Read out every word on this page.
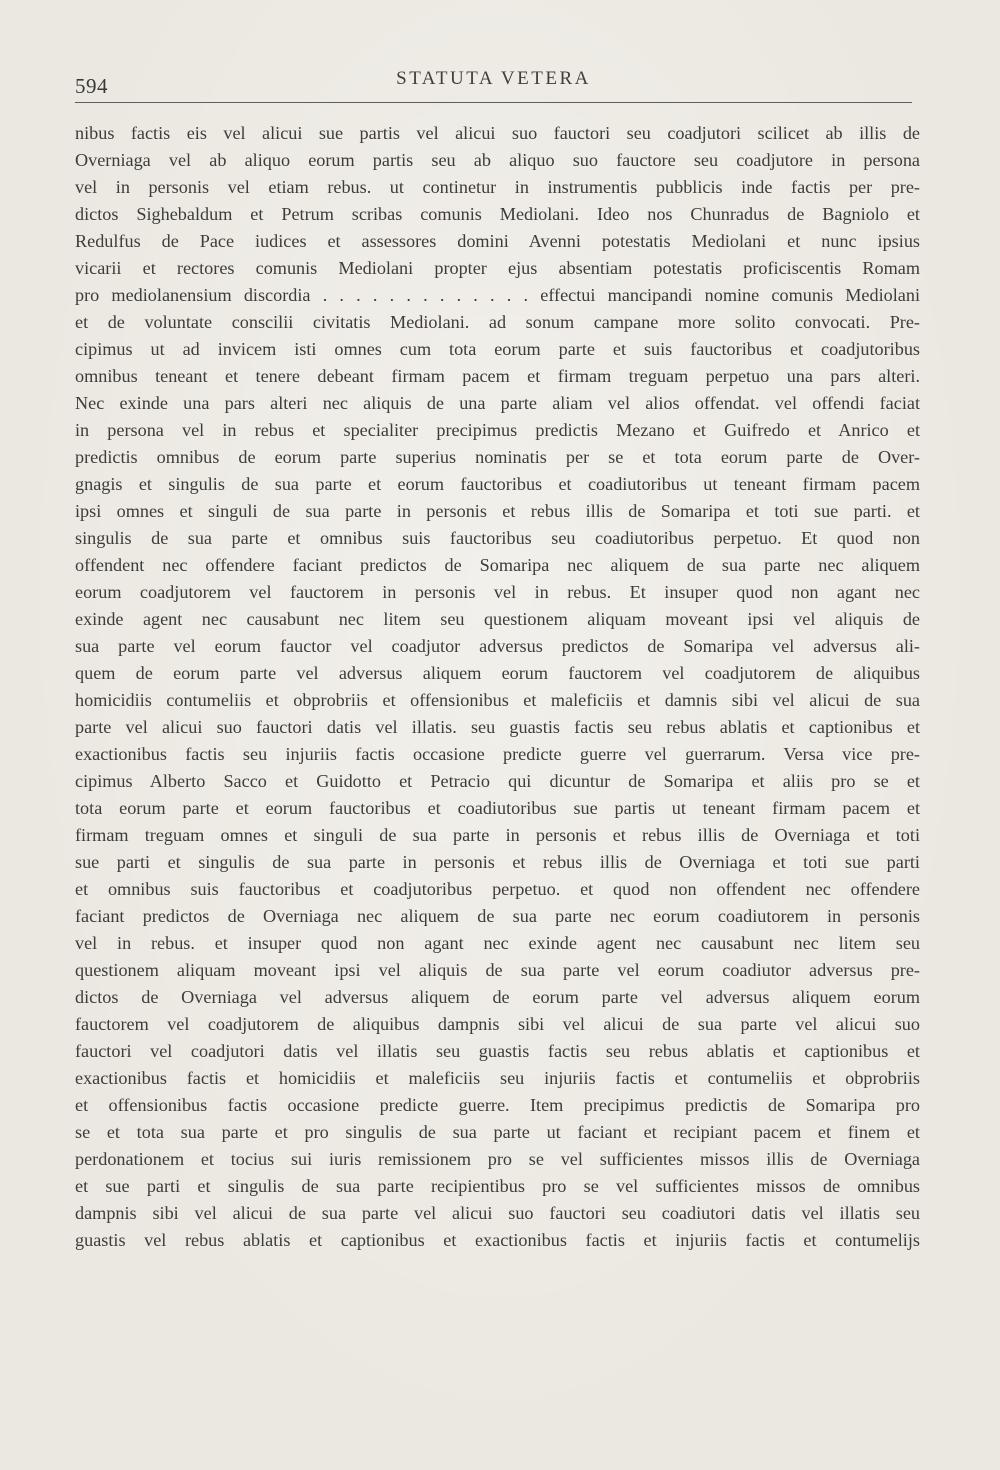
594	STATUTA VETERA
nibus factis eis vel alicui sue partis vel alicui suo fauctori seu coadjutori scilicet ab illis de
Overniaga vel ab aliquo eorum partis seu ab aliquo suo fauctore seu coadjutore in persona
vel in personis vel etiam rebus. ut continetur in instrumentis pubblicis inde factis per pre-
dictos Sighebaldum et Petrum scribas comunis Mediolani. Ideo nos Chunradus de Bagniolo et
Redulfus de Pace iudices et assessores domini Avenni potestatis Mediolani et nunc ipsius
vicarii et rectores comunis Mediolani propter ejus absentiam potestatis proficiscentis Romam
pro mediolanensium discordia . . . . . . . . . . . . . effectui mancipandi nomine comunis Mediolani
et de voluntate conscilii civitatis Mediolani. ad sonum campane more solito convocati. Pre-
cipimus ut ad invicem isti omnes cum tota eorum parte et suis fauctoribus et coadjutoribus
omnibus teneant et tenere debeant firmam pacem et firmam treguam perpetuo una pars alteri.
Nec exinde una pars alteri nec aliquis de una parte aliam vel alios offendat. vel offendi faciat
in persona vel in rebus et specialiter precipimus predictis Mezano et Guifredo et Anrico et
predictis omnibus de eorum parte superius nominatis per se et tota eorum parte de Over-
gnagis et singulis de sua parte et eorum fauctoribus et coadiutoribus ut teneant firmam pacem
ipsi omnes et singuli de sua parte in personis et rebus illis de Somaripa et toti sue parti. et
singulis de sua parte et omnibus suis fauctoribus seu coadiutoribus perpetuo. Et quod non
offendent nec offendere faciant predictos de Somaripa nec aliquem de sua parte nec aliquem
eorum coadjutorem vel fauctorem in personis vel in rebus. Et insuper quod non agant nec
exinde agent nec causabunt nec litem seu questionem aliquam moveant ipsi vel aliquis de
sua parte vel eorum fauctor vel coadjutor adversus predictos de Somaripa vel adversus ali-
quem de eorum parte vel adversus aliquem eorum fauctorem vel coadjutorem de aliquibus
homicidiis contumeliis et obprobriis et offensionibus et maleficiis et damnis sibi vel alicui de sua
parte vel alicui suo fauctori datis vel illatis. seu guastis factis seu rebus ablatis et captionibus et
exactionibus factis seu injuriis factis occasione predicte guerre vel guerrarum. Versa vice pre-
cipimus Alberto Sacco et Guidotto et Petracio qui dicuntur de Somaripa et aliis pro se et
tota eorum parte et eorum fauctoribus et coadiutoribus sue partis ut teneant firmam pacem et
firmam treguam omnes et singuli de sua parte in personis et rebus illis de Overniaga et toti
sue parti et singulis de sua parte in personis et rebus illis de Overniaga et toti sue parti
et omnibus suis fauctoribus et coadjutoribus perpetuo. et quod non offendent nec offendere
faciant predictos de Overniaga nec aliquem de sua parte nec eorum coadiutorem in personis
vel in rebus. et insuper quod non agant nec exinde agent nec causabunt nec litem seu
questionem aliquam moveant ipsi vel aliquis de sua parte vel eorum coadiutor adversus pre-
dictos de Overniaga vel adversus aliquem de eorum parte vel adversus aliquem eorum
fauctorem vel coadjutorem de aliquibus dampnis sibi vel alicui de sua parte vel alicui suo
fauctori vel coadjutori datis vel illatis seu guastis factis seu rebus ablatis et captionibus et
exactionibus factis et homicidiis et maleficiis seu injuriis factis et contumeliis et obprobriis
et offensionibus factis occasione predicte guerre. Item precipimus predictis de Somaripa pro
se et tota sua parte et pro singulis de sua parte ut faciant et recipiant pacem et finem et
perdonationem et tocius sui iuris remissionem pro se vel sufficientes missos illis de Overniaga
et sue parti et singulis de sua parte recipientibus pro se vel sufficientes missos de omnibus
dampnis sibi vel alicui de sua parte vel alicui suo fauctori seu coadiutori datis vel illatis seu
guastis vel rebus ablatis et captionibus et exactionibus factis et injuriis factis et contumelijs
